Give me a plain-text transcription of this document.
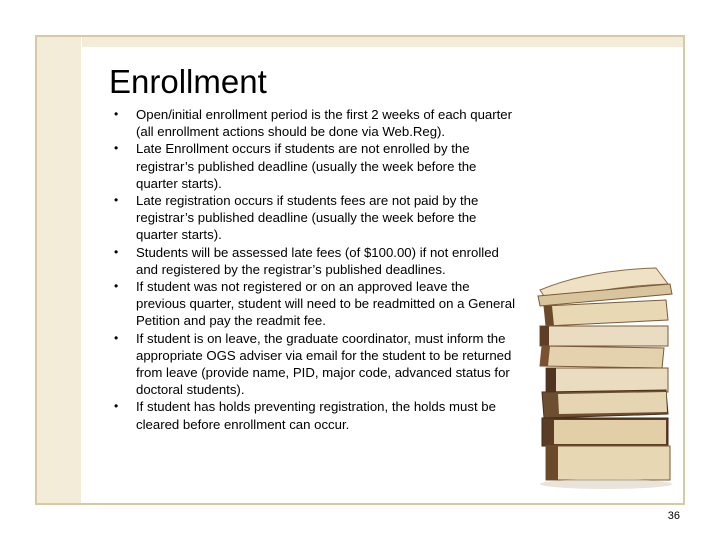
Enrollment
• Open/initial enrollment period is the first 2 weeks of each quarter (all enrollment actions should be done via Web.Reg).
• Late Enrollment occurs if students are not enrolled by the registrar’s published deadline (usually the week before the quarter starts).
• Late registration occurs if students fees are not paid by the registrar’s published deadline (usually the week before the quarter starts).
• Students will be assessed late fees (of $100.00) if not enrolled and registered by the registrar’s published deadlines.
• If student was not registered or on an approved leave the previous quarter, student will need to be readmitted on a General Petition and pay the readmit fee.
• If student is on leave, the graduate coordinator, must inform the appropriate OGS adviser via email for the student to be returned from leave (provide name, PID, major code, advanced status for doctoral students).
• If student has holds preventing registration, the holds must be cleared before enrollment can occur.
36
